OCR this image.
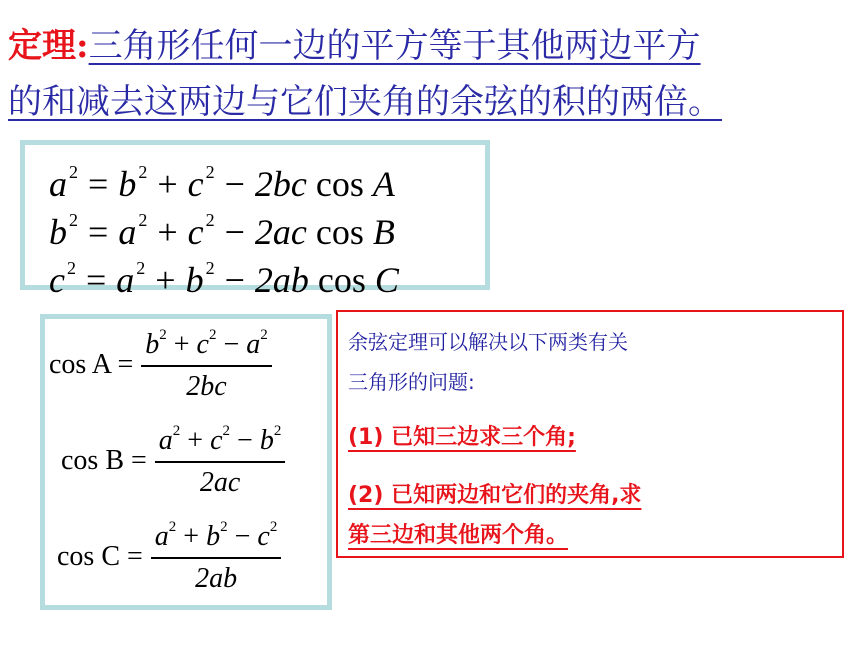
定理:三角形任何一边的平方等于其他两边平方
的和减去这两边与它们夹角的余弦的积的两倍。
a $^2$ = b $^2$ + c $^2$ − 2bc cos A
b $^2$ = a $^2$ + c $^2$ − 2ac cos B
c $^2$ = a $^2$ + b $^2$ − 2ab cos C
$\cos A = \frac{b^2 + c^2 - a^2}{2bc}$
$\cos B = \frac{a^2 + c^2 - b^2}{2ac}$
$\cos C = \frac{a^2 + b^2 - c^2}{2ab}$
余弦定理可以解决以下两类有关
三角形的问题:
(1) 已知三边求三个角;
(2) 已知两边和它们的夹角,求
第三边和其他两个角。
